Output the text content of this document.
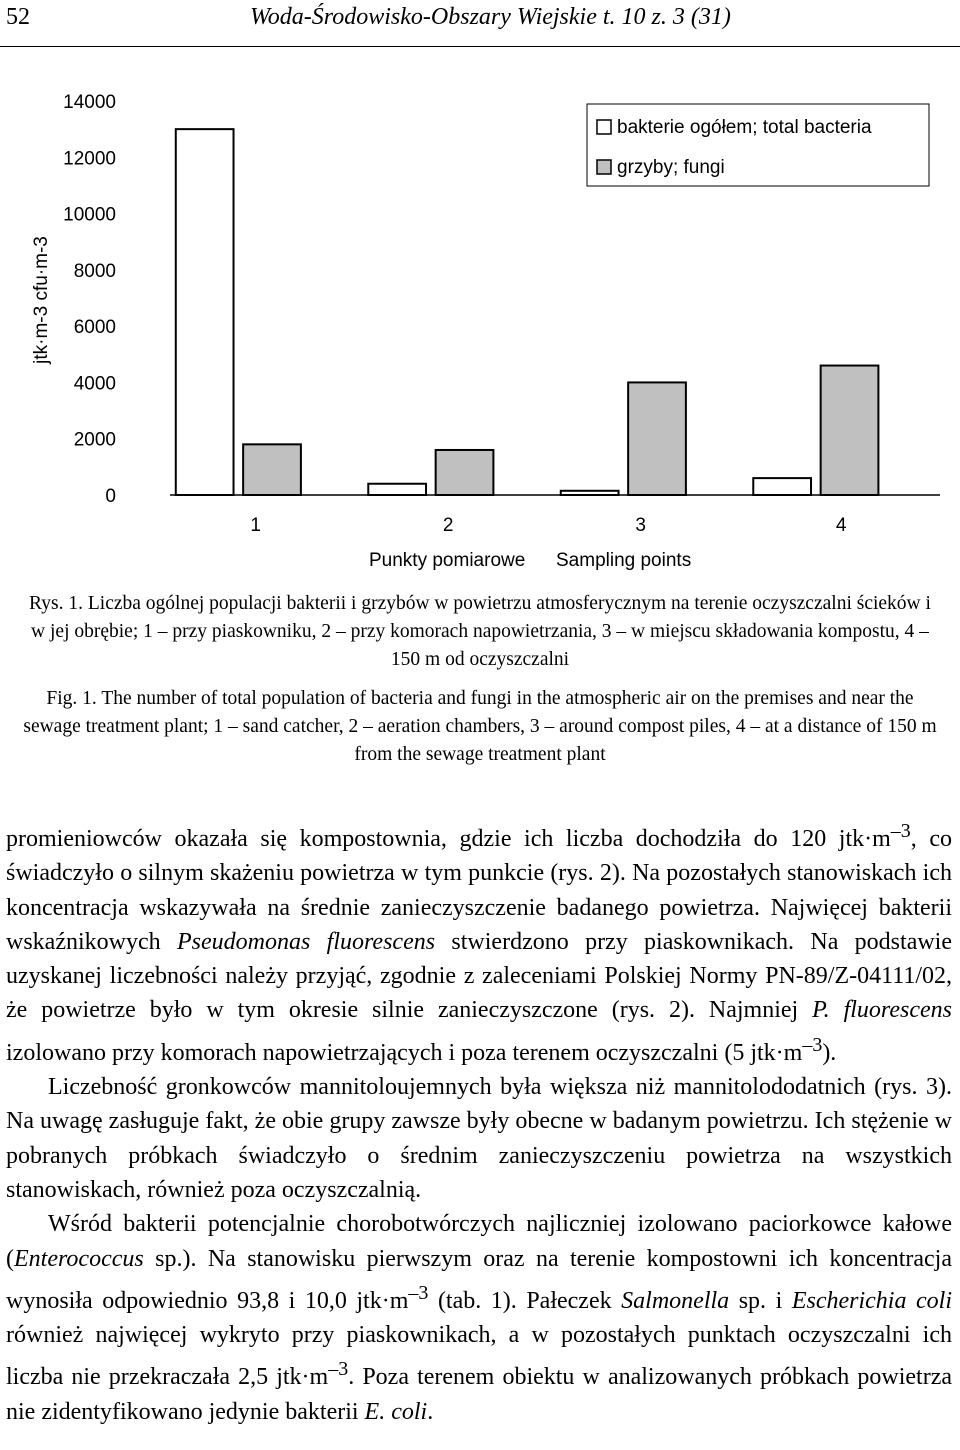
52	Woda-Środowisko-Obszary Wiejskie t. 10 z. 3 (31)
jtk·m-3 cfu·m-3
0
2000
4000
6000
8000
10000
12000
14000
1	2	3	4
bakterie ogółem; total bacteria
grzyby; fungi
Punkty pomiarowe Sampling points
Rys. 1. Liczba ogólnej populacji bakterii i grzybów w powietrzu atmosferycznym na terenie oczyszczalni ścieków i w jej obrębie; 1 – przy piaskowniku, 2 – przy komorach napowietrzania, 3 – w miejscu składowania kompostu, 4 – 150 m od oczyszczalni
Fig. 1. The number of total population of bacteria and fungi in the atmospheric air on the premises and near the sewage treatment plant; 1 – sand catcher, 2 – aeration chambers, 3 – around compost piles, 4 – at a distance of 150 m from the sewage treatment plant

promieniowców okazała się kompostownia, gdzie ich liczba dochodziła do 120 $jtk\cdot m^{-3}$, co świadczyło o silnym skażeniu powietrza w tym punkcie (rys. 2). Na pozostałych stanowiskach ich koncentracja wskazywała na średnie zanieczyszczenie badanego powietrza. Najwięcej bakterii wskaźnikowych Pseudomonas fluorescens stwierdzono przy piaskownikach. Na podstawie uzyskanej liczebności należy przyjąć, zgodnie z zaleceniami Polskiej Normy PN-89/Z-04111/02, że powietrze było w tym okresie silnie zanieczyszczone (rys. 2). Najmniej P. fluorescens izolowano przy komorach napowietrzających i poza terenem oczyszczalni (5 $jtk\cdot m^{-3}$).

Liczebność gronkowców mannitoloujemnych była większa niż mannitolododatnich (rys. 3). Na uwagę zasługuje fakt, że obie grupy zawsze były obecne w badanym powietrzu. Ich stężenie w pobranych próbkach świadczyło o średnim zanieczyszczeniu powietrza na wszystkich stanowiskach, również poza oczyszczalnią.

Wśród bakterii potencjalnie chorobotwórczych najliczniej izolowano paciorkowce kałowe (Enterococcus sp.). Na stanowisku pierwszym oraz na terenie kompostowni ich koncentracja wynosiła odpowiednio 93,8 i 10,0 $jtk\cdot m^{-3}$ (tab. 1). Pałeczek Salmonella sp. i Escherichia coli również najwięcej wykryto przy piaskownikach, a w pozostałych punktach oczyszczalni ich liczba nie przekraczała 2,5 $jtk\cdot m^{-3}$. Poza terenem obiektu w analizowanych próbkach powietrza nie zidentyfikowano jedynie bakterii E. coli.
